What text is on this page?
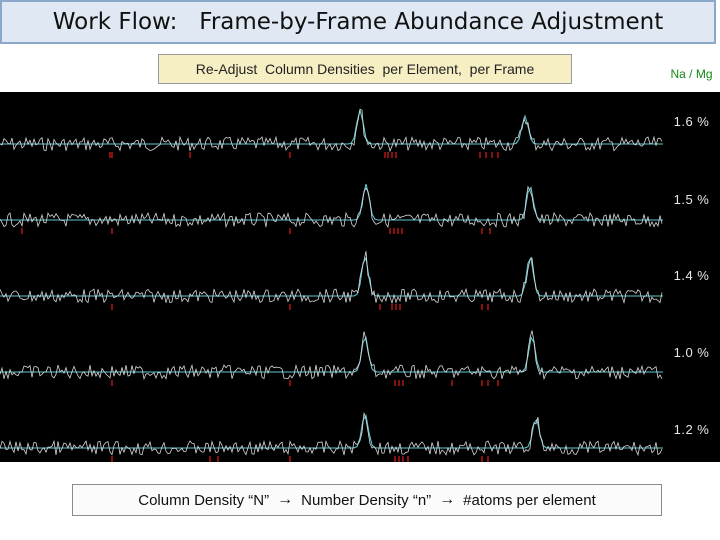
Work Flow:   Frame-by-Frame Abundance Adjustment
Re-Adjust  Column Densities  per Element,  per Frame	Na / Mg
1.6 %
1.5 %
1.4 %
1.0 %
1.2 %
Column Density “N” → Number Density “n” → #atoms per element
